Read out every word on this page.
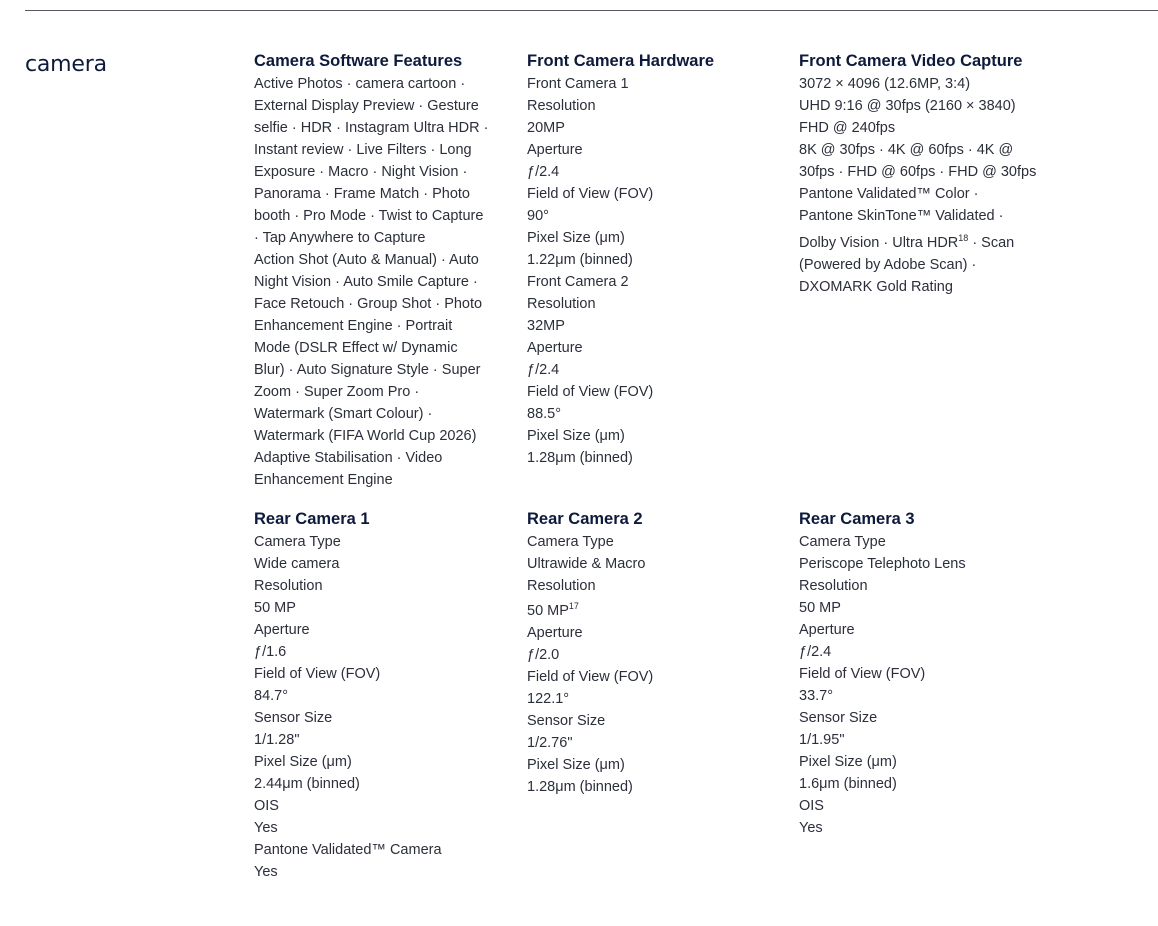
camera	Camera Software Features
Active Photos · camera cartoon ·
External Display Preview · Gesture
selfie · HDR · Instagram Ultra HDR ·
Instant review · Live Filters · Long
Exposure · Macro · Night Vision ·
Panorama · Frame Match · Photo
booth · Pro Mode · Twist to Capture
· Tap Anywhere to Capture
Action Shot (Auto & Manual) · Auto
Night Vision · Auto Smile Capture ·
Face Retouch · Group Shot · Photo
Enhancement Engine · Portrait
Mode (DSLR Effect w/ Dynamic
Blur) · Auto Signature Style · Super
Zoom · Super Zoom Pro ·
Watermark (Smart Colour) ·
Watermark (FIFA World Cup 2026)
Adaptive Stabilisation · Video
Enhancement Engine
Front Camera Hardware
Front Camera 1
Resolution
20MP
Aperture
ƒ/2.4
Field of View (FOV)
90°
Pixel Size (μm)
1.22μm (binned)
Front Camera 2
Resolution
32MP
Aperture
ƒ/2.4
Field of View (FOV)
88.5°
Pixel Size (μm)
1.28μm (binned)
Front Camera Video Capture
3072 × 4096 (12.6MP, 3:4)
UHD 9:16 @ 30fps (2160 × 3840)
FHD @ 240fps
8K @ 30fps · 4K @ 60fps · 4K @
30fps · FHD @ 60fps · FHD @ 30fps
Pantone Validated™ Color ·
Pantone SkinTone™ Validated ·
Dolby Vision · Ultra $HDR^{18}$ · Scan
(Powered by Adobe Scan) ·
DXOMARK Gold Rating
Rear Camera 1
Camera Type
Wide camera
Resolution
50 MP
Aperture
ƒ/1.6
Field of View (FOV)
84.7°
Sensor Size
1/1.28"
Pixel Size (μm)
2.44μm (binned)
OIS
Yes
Pantone Validated™ Camera
Yes
Rear Camera 2
Camera Type
Ultrawide & Macro
Resolution
50 MP$^{17}$
Aperture
ƒ/2.0
Field of View (FOV)
122.1°
Sensor Size
1/2.76"
Pixel Size (μm)
1.28μm (binned)
Rear Camera 3
Camera Type
Periscope Telephoto Lens
Resolution
50 MP
Aperture
ƒ/2.4
Field of View (FOV)
33.7°
Sensor Size
1/1.95"
Pixel Size (μm)
1.6μm (binned)
OIS
Yes
